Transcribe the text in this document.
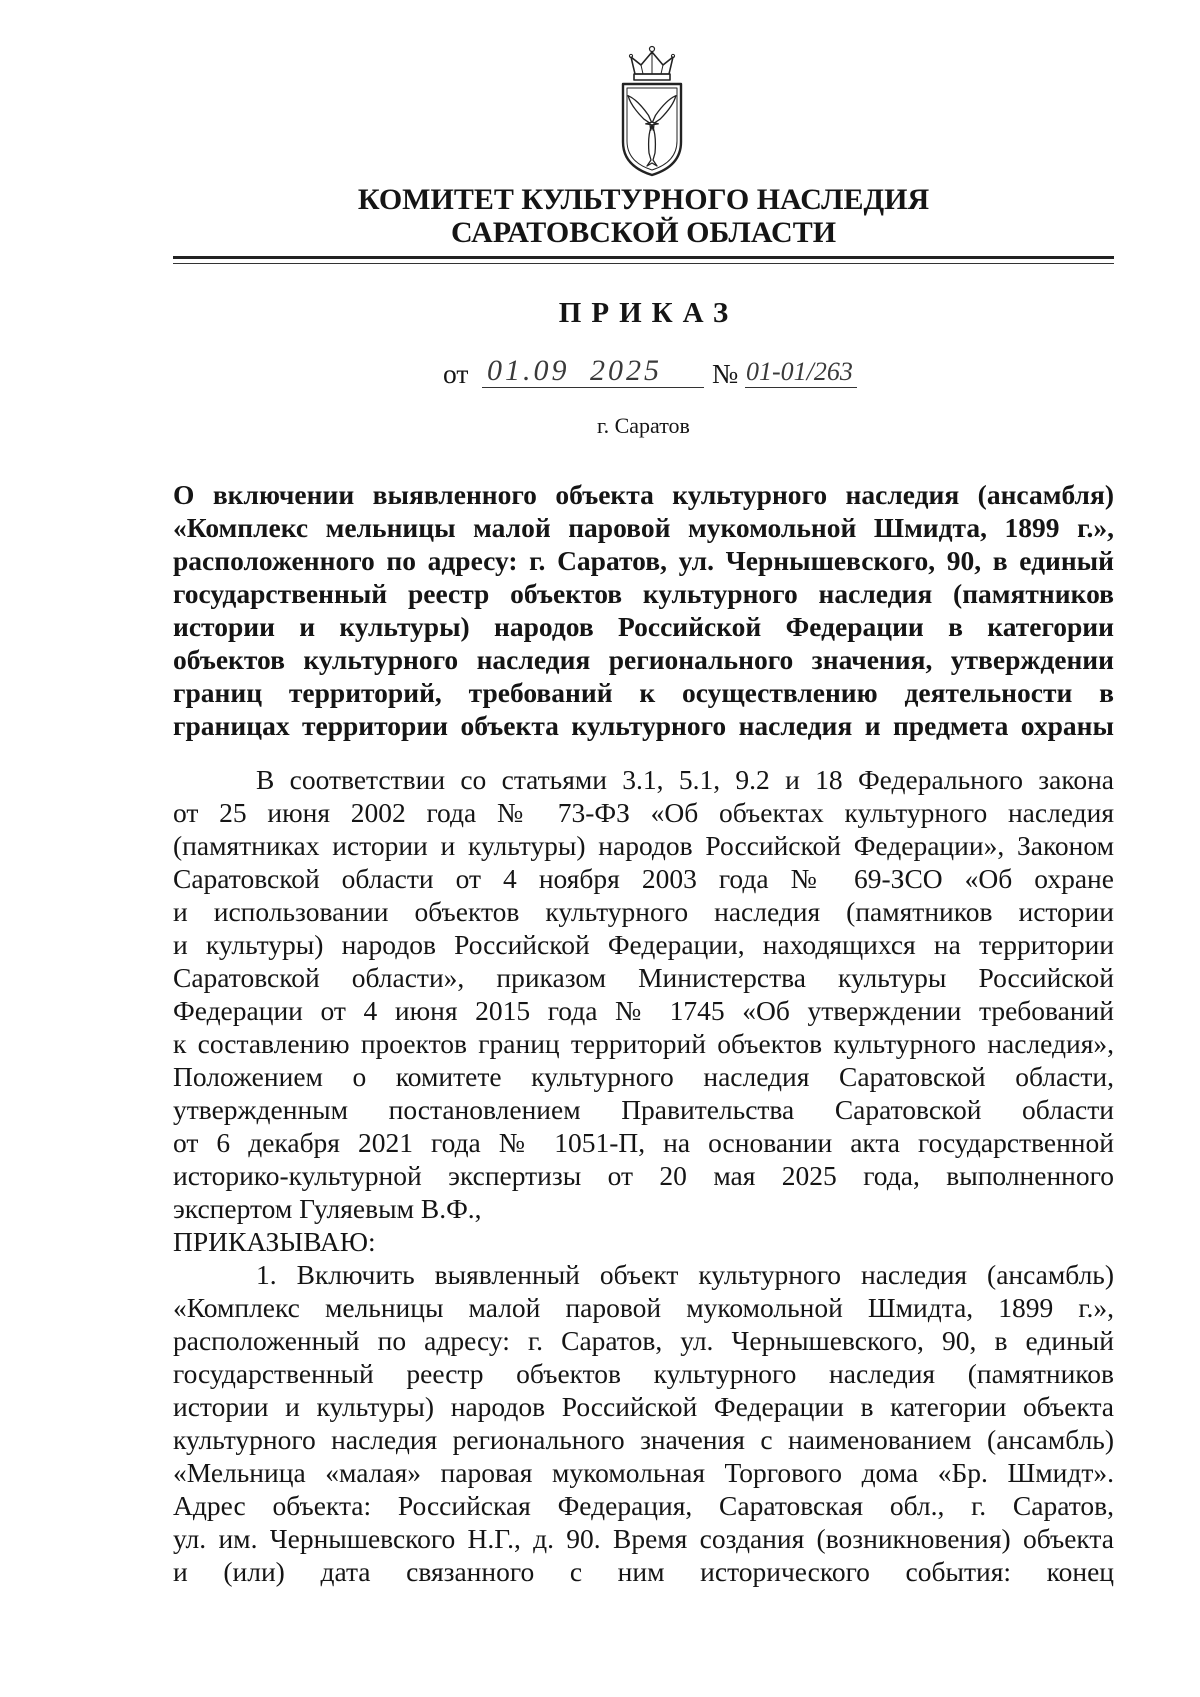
КОМИТЕТ КУЛЬТУРНОГО НАСЛЕДИЯ
САРАТОВСКОЙ ОБЛАСТИ
ПРИКАЗ
от 01.09 2025 № 01-01/263
г. Саратов
О включении выявленного объекта культурного наследия (ансамбля)
«Комплекс мельницы малой паровой мукомольной Шмидта, 1899 г.»,
расположенного по адресу: г. Саратов, ул. Чернышевского, 90, в единый
государственный реестр объектов культурного наследия (памятников
истории и культуры) народов Российской Федерации в категории
объектов культурного наследия регионального значения, утверждении
границ территорий, требований к осуществлению деятельности в
границах территории объекта культурного наследия и предмета охраны
В соответствии со статьями 3.1, 5.1, 9.2 и 18 Федерального закона
от 25 июня 2002 года № 73-ФЗ «Об объектах культурного наследия
(памятниках истории и культуры) народов Российской Федерации», Законом
Саратовской области от 4 ноября 2003 года № 69-ЗСО «Об охране
и использовании объектов культурного наследия (памятников истории
и культуры) народов Российской Федерации, находящихся на территории
Саратовской области», приказом Министерства культуры Российской
Федерации от 4 июня 2015 года № 1745 «Об утверждении требований
к составлению проектов границ территорий объектов культурного наследия»,
Положением о комитете культурного наследия Саратовской области,
утвержденным постановлением Правительства Саратовской области
от 6 декабря 2021 года № 1051-П, на основании акта государственной
историко-культурной экспертизы от 20 мая 2025 года, выполненного
экспертом Гуляевым В.Ф.,
ПРИКАЗЫВАЮ:
1. Включить выявленный объект культурного наследия (ансамбль)
«Комплекс мельницы малой паровой мукомольной Шмидта, 1899 г.»,
расположенный по адресу: г. Саратов, ул. Чернышевского, 90, в единый
государственный реестр объектов культурного наследия (памятников
истории и культуры) народов Российской Федерации в категории объекта
культурного наследия регионального значения с наименованием (ансамбль)
«Мельница «малая» паровая мукомольная Торгового дома «Бр. Шмидт».
Адрес объекта: Российская Федерация, Саратовская обл., г. Саратов,
ул. им. Чернышевского Н.Г., д. 90. Время создания (возникновения) объекта
и (или) дата связанного с ним исторического события: конец
